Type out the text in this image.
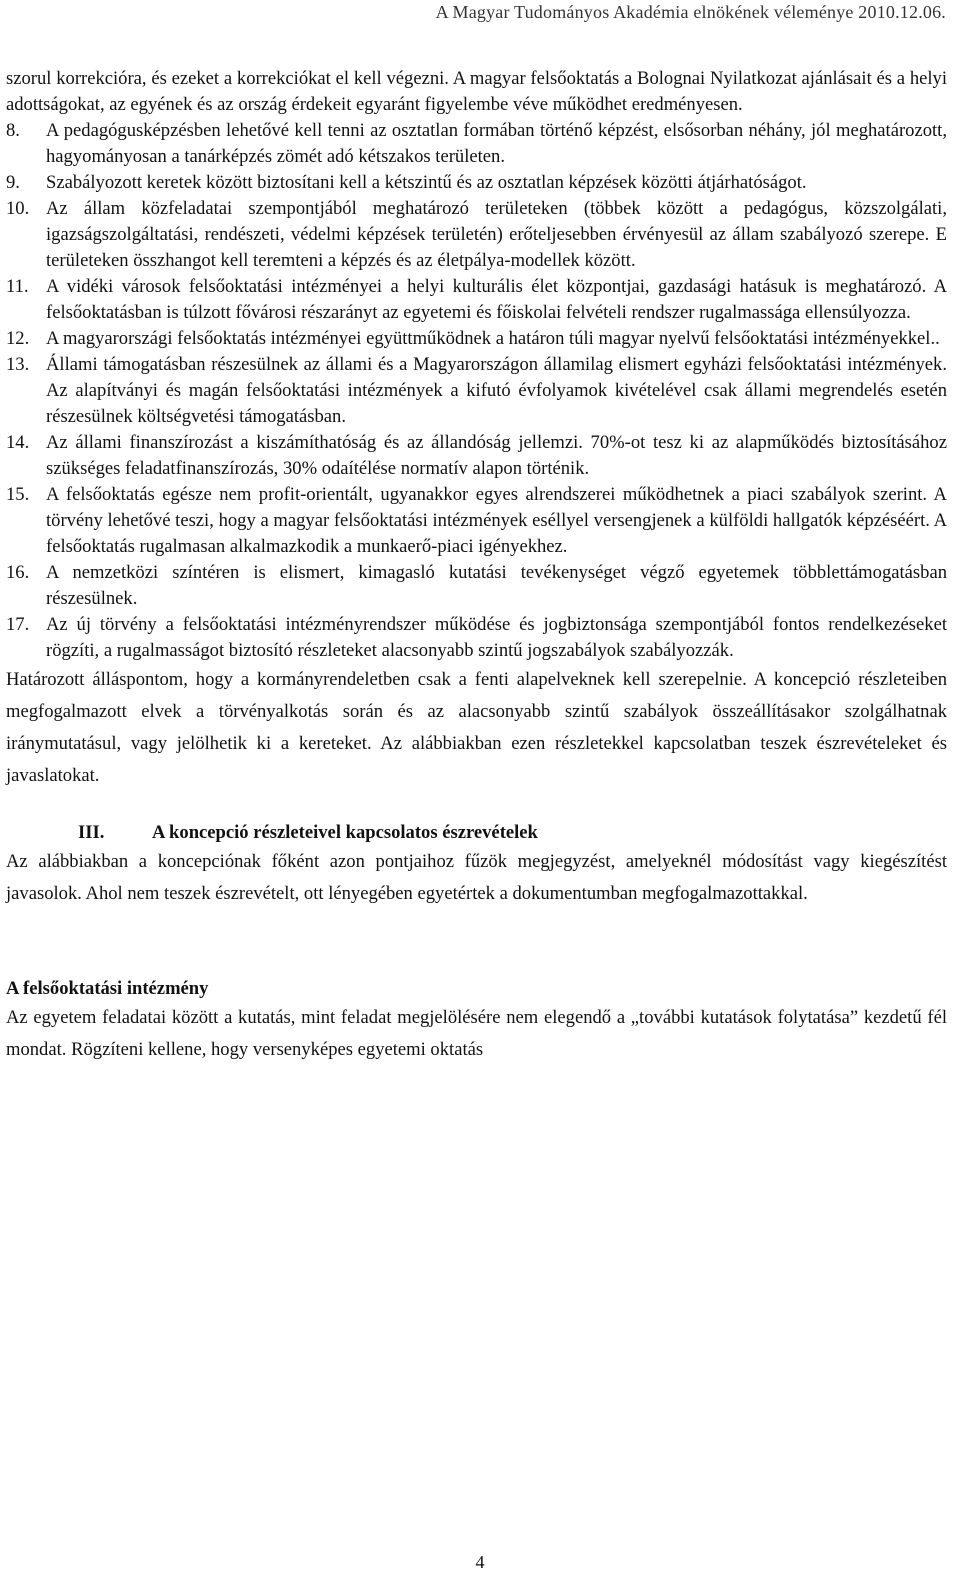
A Magyar Tudományos Akadémia elnökének véleménye 2010.12.06.

szorul korrekcióra, és ezeket a korrekciókat el kell végezni. A magyar felsőoktatás a Bolognai Nyilatkozat ajánlásait és a helyi adottságokat, az egyének és az ország érdekeit egyaránt figyelembe véve működhet eredményesen.

8.	A pedagógusképzésben lehetővé kell tenni az osztatlan formában történő képzést, elsősorban néhány, jól meghatározott, hagyományosan a tanárképzés zömét adó kétszakos területen.
9.	Szabályozott keretek között biztosítani kell a kétszintű és az osztatlan képzések közötti átjárhatóságot.
10. Az állam közfeladatai szempontjából meghatározó területeken (többek között a pedagógus, közszolgálati, igazságszolgáltatási, rendészeti, védelmi képzések területén) erőteljesebben érvényesül az állam szabályozó szerepe. E területeken összhangot kell teremteni a képzés és az életpálya-modellek között.
11. A vidéki városok felsőoktatási intézményei a helyi kulturális élet központjai, gazdasági hatásuk is meghatározó. A felsőoktatásban is túlzott fővárosi részarányt az egyetemi és főiskolai felvételi rendszer rugalmassága ellensúlyozza.
12. A magyarországi felsőoktatás intézményei együttműködnek a határon túli magyar nyelvű felsőoktatási intézményekkel..
13. Állami támogatásban részesülnek az állami és a Magyarországon államilag elismert egyházi felsőoktatási intézmények. Az alapítványi és magán felsőoktatási intézmények a kifutó évfolyamok kivételével csak állami megrendelés esetén részesülnek költségvetési támogatásban.
14. Az állami finanszírozást a kiszámíthatóság és az állandóság jellemzi. 70%-ot tesz ki az alapműködés biztosításához szükséges feladatfinanszírozás, 30% odaítélése normatív alapon történik.
15. A felsőoktatás egésze nem profit-orientált, ugyanakkor egyes alrendszerei működhetnek a piaci szabályok szerint. A törvény lehetővé teszi, hogy a magyar felsőoktatási intézmények eséllyel versengjenek a külföldi hallgatók képzéséért. A felsőoktatás rugalmasan alkalmazkodik a munkaerő-piaci igényekhez.
16. A nemzetközi színtéren is elismert, kimagasló kutatási tevékenységet végző egyetemek többlettámogatásban részesülnek.
17. Az új törvény a felsőoktatási intézményrendszer működése és jogbiztonsága szempontjából fontos rendelkezéseket rögzíti, a rugalmasságot biztosító részleteket alacsonyabb szintű jogszabályok szabályozzák.

Határozott álláspontom, hogy a kormányrendeletben csak a fenti alapelveknek kell szerepelnie. A koncepció részleteiben megfogalmazott elvek a törvényalkotás során és az alacsonyabb szintű szabályok összeállításakor szolgálhatnak iránymutatásul, vagy jelölhetik ki a kereteket. Az alábbiakban ezen részletekkel kapcsolatban teszek észrevételeket és javaslatokat.

III.	A koncepció részleteivel kapcsolatos észrevételek

Az alábbiakban a koncepciónak főként azon pontjaihoz fűzök megjegyzést, amelyeknél módosítást vagy kiegészítést javasolok. Ahol nem teszek észrevételt, ott lényegében egyetértek a dokumentumban megfogalmazottakkal.

A felsőoktatási intézmény

Az egyetem feladatai között a kutatás, mint feladat megjelölésére nem elegendő a „további kutatások folytatása” kezdetű fél mondat. Rögzíteni kellene, hogy versenyképes egyetemi oktatás

4
